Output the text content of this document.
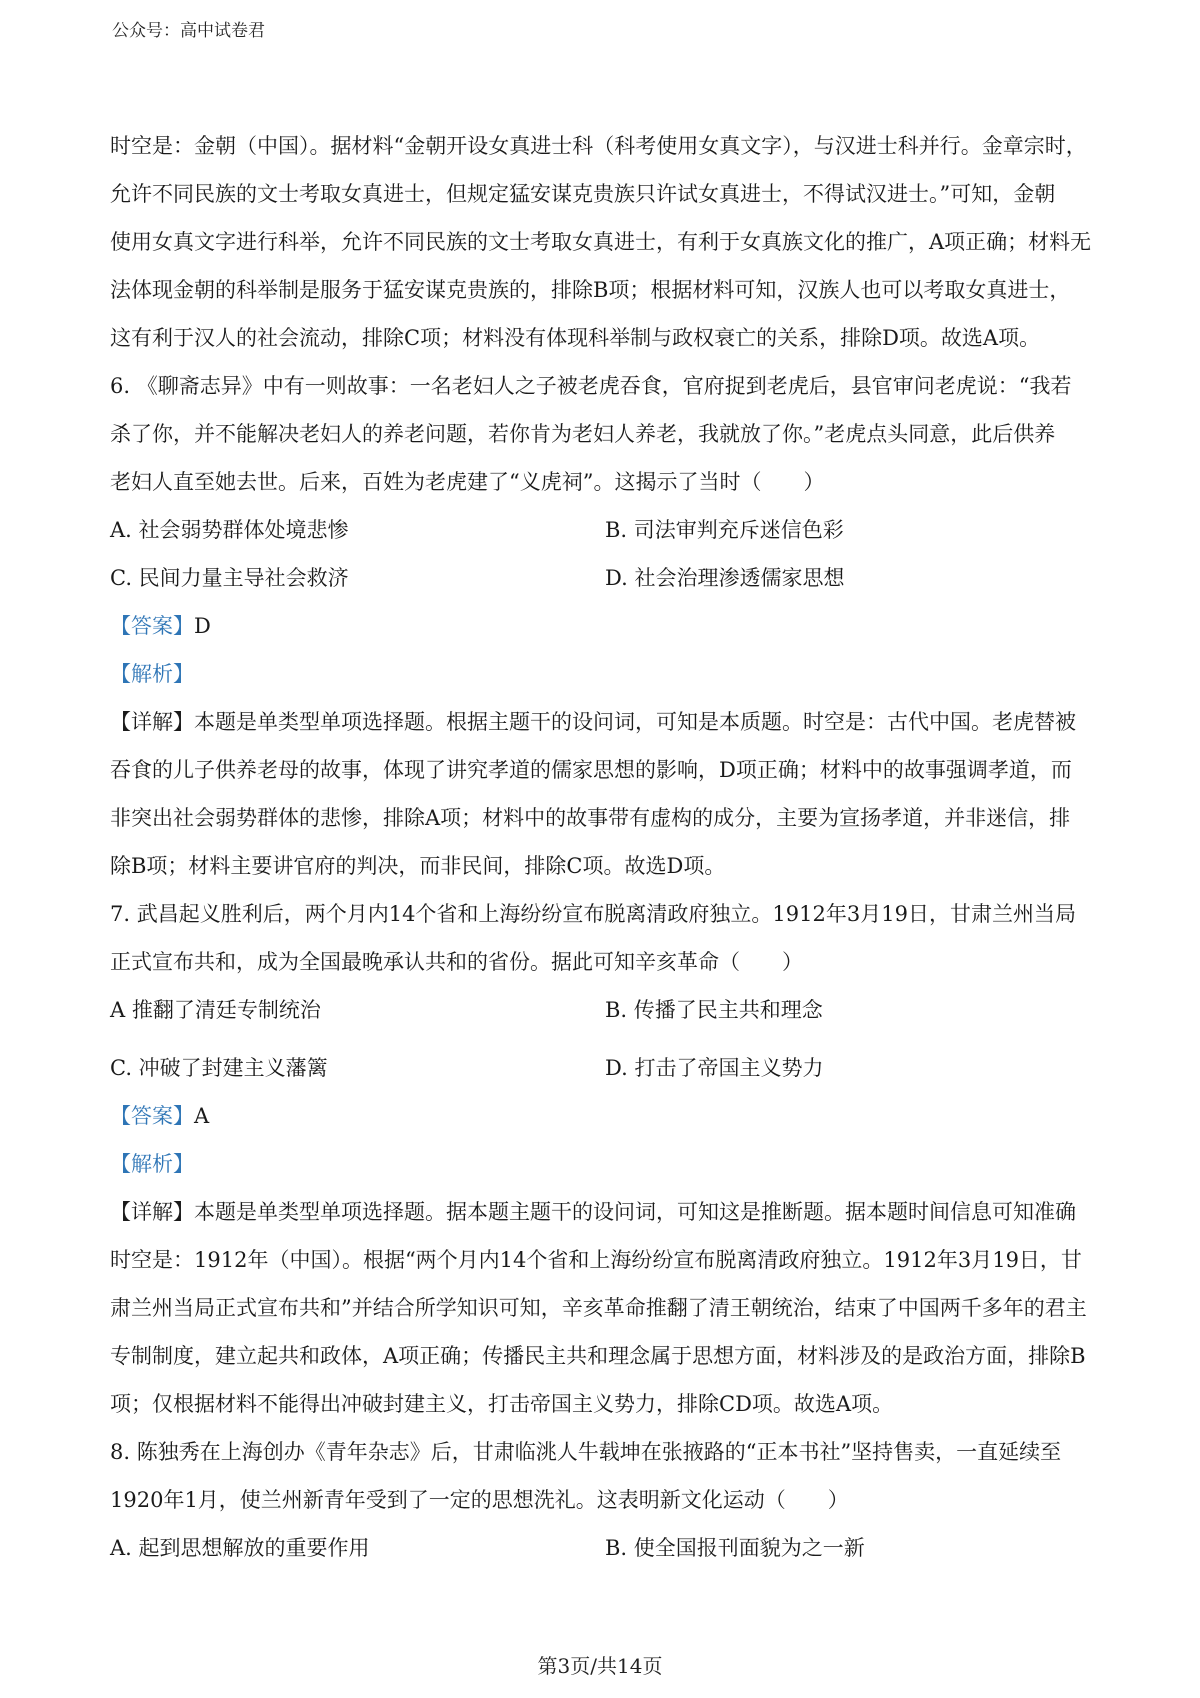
公众号：高中试卷君

时空是：金朝（中国）。据材料“金朝开设女真进士科（科考使用女真文字），与汉进士科并行。金章宗时，

允许不同民族的文士考取女真进士，但规定猛安谋克贵族只许试女真进士，不得试汉进士。”可知，金朝

使用女真文字进行科举，允许不同民族的文士考取女真进士，有利于女真族文化的推广，A项正确；材料无

法体现金朝的科举制是服务于猛安谋克贵族的，排除B项；根据材料可知，汉族人也可以考取女真进士，

这有利于汉人的社会流动，排除C项；材料没有体现科举制与政权衰亡的关系，排除D项。故选A项。

6. 《聊斋志异》中有一则故事：一名老妇人之子被老虎吞食，官府捉到老虎后，县官审问老虎说：“我若

杀了你，并不能解决老妇人的养老问题，若你肯为老妇人养老，我就放了你。”老虎点头同意，此后供养

老妇人直至她去世。后来，百姓为老虎建了“义虎祠”。这揭示了当时（　　）

A. 社会弱势群体处境悲惨	B. 司法审判充斥迷信色彩
C. 民间力量主导社会救济	D. 社会治理渗透儒家思想

【答案】D

【解析】

【详解】本题是单类型单项选择题。根据主题干的设问词，可知是本质题。时空是：古代中国。老虎替被

吞食的儿子供养老母的故事，体现了讲究孝道的儒家思想的影响，D项正确；材料中的故事强调孝道，而

非突出社会弱势群体的悲惨，排除A项；材料中的故事带有虚构的成分，主要为宣扬孝道，并非迷信，排

除B项；材料主要讲官府的判决，而非民间，排除C项。故选D项。

7. 武昌起义胜利后，两个月内14个省和上海纷纷宣布脱离清政府独立。1912年3月19日，甘肃兰州当局

正式宣布共和，成为全国最晚承认共和的省份。据此可知辛亥革命（　　）

A 推翻了清廷专制统治	B. 传播了民主共和理念
C. 冲破了封建主义藩篱	D. 打击了帝国主义势力

【答案】A

【解析】

【详解】本题是单类型单项选择题。据本题主题干的设问词，可知这是推断题。据本题时间信息可知准确

时空是：1912年（中国）。根据“两个月内14个省和上海纷纷宣布脱离清政府独立。1912年3月19日，甘

肃兰州当局正式宣布共和”并结合所学知识可知，辛亥革命推翻了清王朝统治，结束了中国两千多年的君主

专制制度，建立起共和政体，A项正确；传播民主共和理念属于思想方面，材料涉及的是政治方面，排除B

项；仅根据材料不能得出冲破封建主义，打击帝国主义势力，排除CD项。故选A项。

8. 陈独秀在上海创办《青年杂志》后，甘肃临洮人牛载坤在张掖路的“正本书社”坚持售卖，一直延续至

1920年1月，使兰州新青年受到了一定的思想洗礼。这表明新文化运动（　　）

A. 起到思想解放的重要作用	B. 使全国报刊面貌为之一新
第3页/共14页
